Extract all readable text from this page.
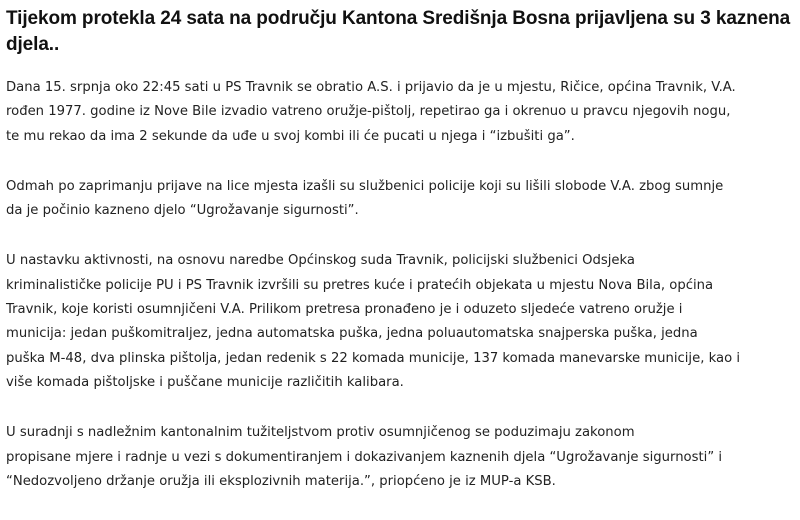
Tijekom protekla 24 sata na području Kantona Središnja Bosna prijavljena su 3 kaznena
djela..

Dana 15. srpnja oko 22:45 sati u PS Travnik se obratio A.S. i prijavio da je u mjestu, Ričice, općina Travnik, V.A.
rođen 1977. godine iz Nove Bile izvadio vatreno oružje-pištolj, repetirao ga i okrenuo u pravcu njegovih nogu,
te mu rekao da ima 2 sekunde da uđe u svoj kombi ili će pucati u njega i “izbušiti ga”.

Odmah po zaprimanju prijave na lice mjesta izašli su službenici policije koji su lišili slobode V.A. zbog sumnje
da je počinio kazneno djelo “Ugrožavanje sigurnosti”.

U nastavku aktivnosti, na osnovu naredbe Općinskog suda Travnik, policijski službenici Odsjeka
kriminalističke policije PU i PS Travnik izvršili su pretres kuće i pratećih objekata u mjestu Nova Bila, općina
Travnik, koje koristi osumnjičeni V.A. Prilikom pretresa pronađeno je i oduzeto sljedeće vatreno oružje i
municija: jedan puškomitraljez, jedna automatska puška, jedna poluautomatska snajperska puška, jedna
puška M-48, dva plinska pištolja, jedan redenik s 22 komada municije, 137 komada manevarske municije, kao i
više komada pištoljske i puščane municije različitih kalibara.

U suradnji s nadležnim kantonalnim tužiteljstvom protiv osumnjičenog se poduzimaju zakonom
propisane mjere i radnje u vezi s dokumentiranjem i dokazivanjem kaznenih djela “Ugrožavanje sigurnosti” i
“Nedozvoljeno držanje oružja ili eksplozivnih materija.”, priopćeno je iz MUP-a KSB.
